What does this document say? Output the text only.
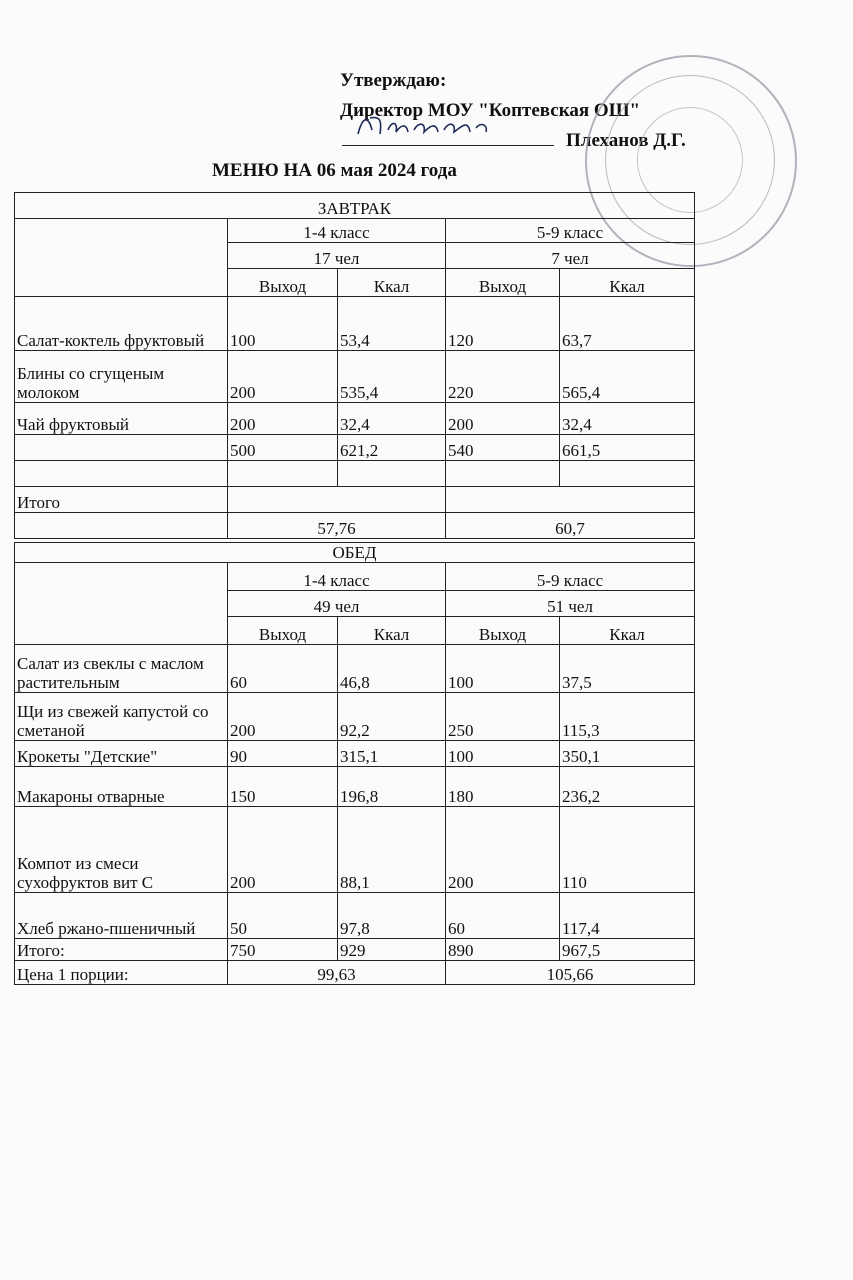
Утверждаю:
Директор МОУ "Коптевская ОШ"
Плеханов Д.Г.
МЕНЮ НА 06 мая 2024 года
ЗАВТРАК				
	1-4 класс		5-9 класс	
	17 чел		7 чел	
	Выход	Ккал	Выход	Ккал
Салат-коктель фруктовый	100	53,4	120	63,7
Блины со сгущеным молоком	200	535,4	220	565,4
Чай фруктовый	200	32,4	200	32,4
	500	621,2	540	661,5

Итого				
	57,76		60,7	
ОБЕД				
	1-4 класс		5-9 класс	
	49 чел		51 чел	
	Выход	Ккал	Выход	Ккал
Салат из свеклы с маслом растительным	60	46,8	100	37,5
Щи из свежей капустой со сметаной	200	92,2	250	115,3
Крокеты "Детские"	90	315,1	100	350,1
Макароны отварные	150	196,8	180	236,2
Компот из смеси сухофруктов вит С	200	88,1	200	110
Хлеб ржано-пшеничный	50	97,8	60	117,4
Итого:	750	929	890	967,5
Цена 1 порции:	99,63		105,66	
